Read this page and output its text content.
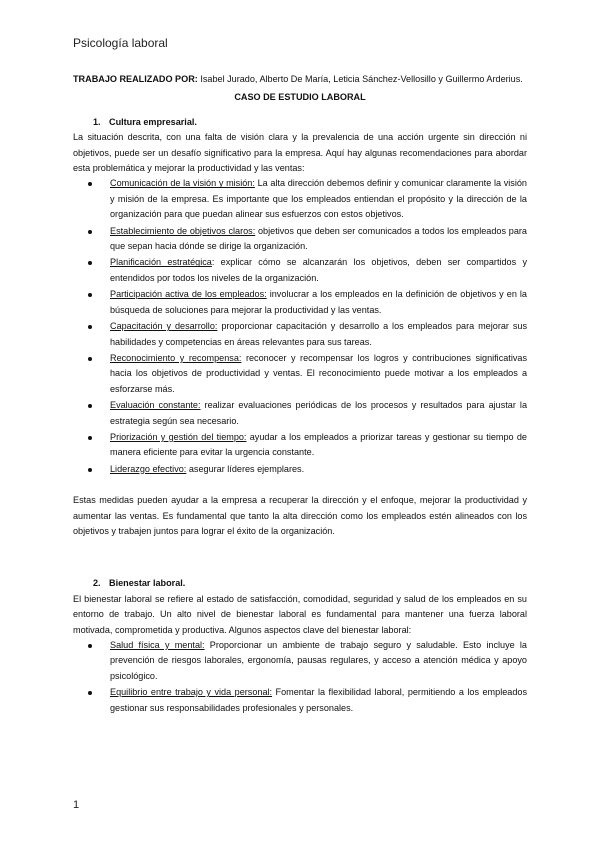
Psicología laboral
TRABAJO REALIZADO POR: Isabel Jurado, Alberto De María, Leticia Sánchez-Vellosillo y Guillermo Arderius.
CASO DE ESTUDIO LABORAL
1. Cultura empresarial.

La situación descrita, con una falta de visión clara y la prevalencia de una acción urgente sin dirección ni objetivos, puede ser un desafío significativo para la empresa. Aquí hay algunas recomendaciones para abordar esta problemática y mejorar la productividad y las ventas:

Comunicación de la visión y misión: La alta dirección debemos definir y comunicar claramente la visión y misión de la empresa. Es importante que los empleados entiendan el propósito y la dirección de la organización para que puedan alinear sus esfuerzos con estos objetivos.
Establecimiento de objetivos claros: objetivos que deben ser comunicados a todos los empleados para que sepan hacia dónde se dirige la organización.
Planificación estratégica: explicar cómo se alcanzarán los objetivos, deben ser compartidos y entendidos por todos los niveles de la organización.
Participación activa de los empleados: involucrar a los empleados en la definición de objetivos y en la búsqueda de soluciones para mejorar la productividad y las ventas.
Capacitación y desarrollo: proporcionar capacitación y desarrollo a los empleados para mejorar sus habilidades y competencias en áreas relevantes para sus tareas.
Reconocimiento y recompensa: reconocer y recompensar los logros y contribuciones significativas hacia los objetivos de productividad y ventas. El reconocimiento puede motivar a los empleados a esforzarse más.
Evaluación constante: realizar evaluaciones periódicas de los procesos y resultados para ajustar la estrategia según sea necesario.
Priorización y gestión del tiempo: ayudar a los empleados a priorizar tareas y gestionar su tiempo de manera eficiente para evitar la urgencia constante.
Liderazgo efectivo: asegurar líderes ejemplares.

Estas medidas pueden ayudar a la empresa a recuperar la dirección y el enfoque, mejorar la productividad y aumentar las ventas. Es fundamental que tanto la alta dirección como los empleados estén alineados con los objetivos y trabajen juntos para lograr el éxito de la organización.

2. Bienestar laboral.

El bienestar laboral se refiere al estado de satisfacción, comodidad, seguridad y salud de los empleados en su entorno de trabajo. Un alto nivel de bienestar laboral es fundamental para mantener una fuerza laboral motivada, comprometida y productiva. Algunos aspectos clave del bienestar laboral:

Salud física y mental: Proporcionar un ambiente de trabajo seguro y saludable. Esto incluye la prevención de riesgos laborales, ergonomía, pausas regulares, y acceso a atención médica y apoyo psicológico.
Equilibrio entre trabajo y vida personal: Fomentar la flexibilidad laboral, permitiendo a los empleados gestionar sus responsabilidades profesionales y personales.
1
